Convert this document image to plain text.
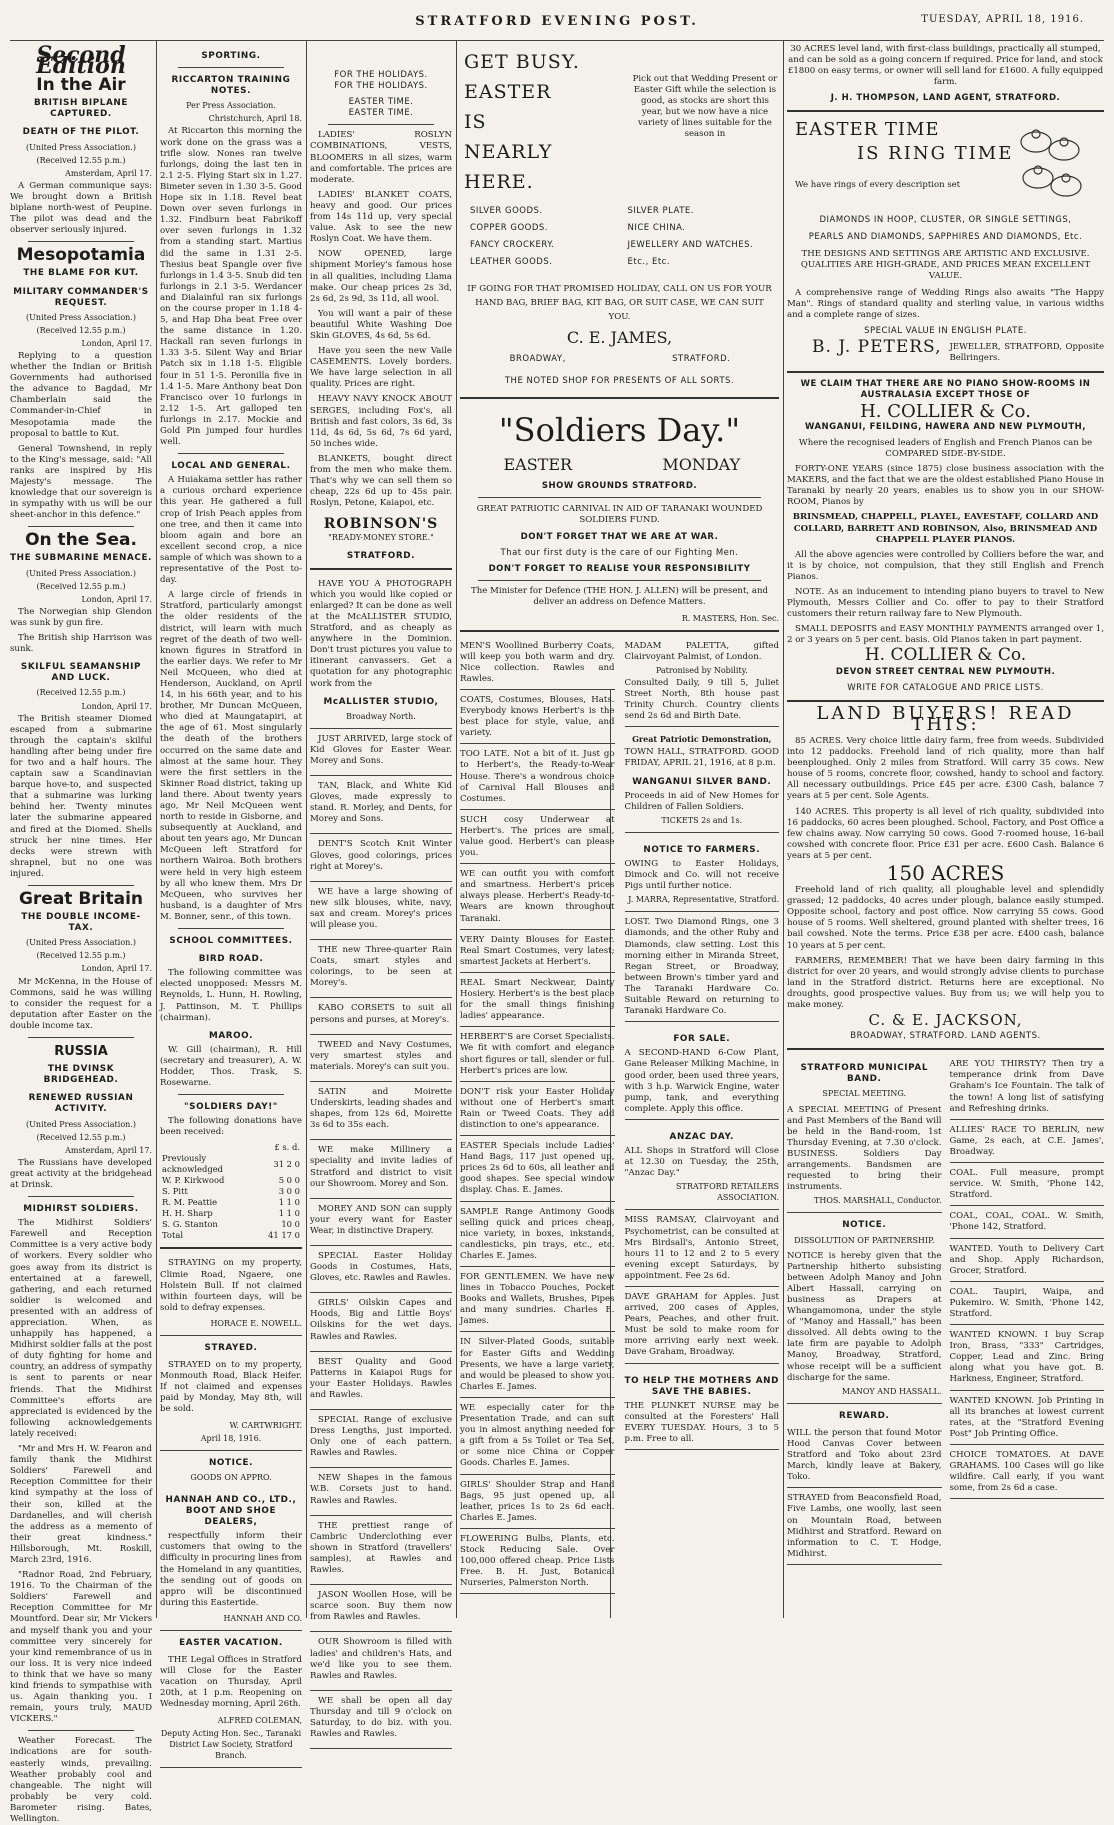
STRATFORD EVENING POST.	TUESDAY, APRIL 18, 1916.
Second Edition
In the Air
BRITISH BIPLANE CAPTURED.
DEATH OF THE PILOT.
(United Press Association.)
(Received 12.55 p.m.)
Amsterdam, April 17.

A German communique says: We brought down a British biplane north-west of Peupine. The pilot was dead and the observer seriously injured.

Mesopotamia
THE BLAME FOR KUT.
MILITARY COMMANDER'S REQUEST.
(United Press Association.)
(Received 12.55 p.m.)
London, April 17.

Replying to a question whether the Indian or British Governments had authorised the advance to Bagdad, Mr Chamberlain said the Commander-in-Chief in Mesopotamia made the proposal to battle to Kut.

General Townshend, in reply to the King's message, said: "All ranks are inspired by His Majesty's message. The knowledge that our sovereign is in sympathy with us will be our sheet-anchor in this defence."

On the Sea.
THE SUBMARINE MENACE.
(United Press Association.)
(Received 12.55 p.m.)
London, April 17.

The Norwegian ship Glendon was sunk by gun fire.

The British ship Harrison was sunk.

SKILFUL SEAMANSHIP AND LUCK.
(Received 12.55 p.m.)
London, April 17.

The British steamer Diomed escaped from a submarine through the captain's skilful handling after being under fire for two and a half hours. The captain saw a Scandinavian barque hove-to, and suspected that a submarine was lurking behind her. Twenty minutes later the submarine appeared and fired at the Diomed. Shells struck her nine times. Her decks were strewn with shrapnel, but no one was injured.

Great Britain
THE DOUBLE INCOME-TAX.
(United Press Association.)
(Received 12.55 p.m.)
London, April 17.

Mr McKenna, in the House of Commons, said he was willing to consider the request for a deputation after Easter on the double income tax.

RUSSIA
THE DVINSK BRIDGEHEAD.
RENEWED RUSSIAN ACTIVITY.
(United Press Association.)
(Received 12.55 p.m.)
Amsterdam, April 17.

The Russians have developed great activity at the bridgehead at Drinsk.

MIDHIRST SOLDIERS.

The Midhirst Soldiers' Farewell and Reception Committee is a very active body of workers. Every soldier who goes away from its district is entertained at a farewell, gathering, and each returned soldier is welcomed and presented with an address of appreciation. When, as unhappily has happened, a Midhirst soldier falls at the post of duty fighting for home and country, an address of sympathy is sent to parents or near friends. That the Midhirst Committee's efforts are appreciated is evidenced by the following acknowledgements lately received:

"Mr and Mrs H. W. Fearon and family thank the Midhirst Soldiers' Farewell and Reception Committee for their kind sympathy at the loss of their son, killed at the Dardanelles, and will cherish the address as a memento of their great kindness." Hillsborough, Mt. Roskill, March 23rd, 1916.

"Radnor Road, 2nd February, 1916. To the Chairman of the Soldiers' Farewell and Reception Committee for Mr Mountford. Dear sir, Mr Vickers and myself thank you and your committee very sincerely for your kind remembrance of us in our loss. It is very nice indeed to think that we have so many kind friends to sympathise with us. Again thanking you. I remain, yours truly, MAUD VICKERS."

Weather Forecast. The indications are for south-easterly winds, prevailing. Weather probably cool and changeable. The night will probably be very cold. Barometer rising. Bates, Wellington.

SPORTING.
RICCARTON TRAINING NOTES.
Per Press Association.
Christchurch, April 18.

At Riccarton this morning the work done on the grass was a trifle slow. Nones ran twelve furlongs, doing the last ten in 2.1 2-5. Flying Start six in 1.27. Bimeter seven in 1.30 3-5. Good Hope six in 1.18. Revel beat Down over seven furlongs in 1.32. Findburn beat Fabrikoff over seven furlongs in 1.32 from a standing start. Martius did the same in 1.31 2-5. Thesius beat Spangle over five furlongs in 1.4 3-5. Snub did ten furlongs in 2.1 3-5. Werdancer and Dialainful ran six furlongs on the course proper in 1.18 4-5, and Hap Dha beat Free over the same distance in 1.20. Hackall ran seven furlongs in 1.33 3-5. Silent Way and Briar Patch six in 1.18 1-5. Eligible four in 51 1-5. Peronilla five in 1.4 1-5. Mare Anthony beat Don Francisco over 10 furlongs in 2.12 1-5. Art galloped ten furlongs in 2.17. Mockie and Gold Pin jumped four hurdles well.

LOCAL AND GENERAL.

A Huiakama settler has rather a curious orchard experience this year. He gathered a full crop of Irish Peach apples from one tree, and then it came into bloom again and bore an excellent second crop, a nice sample of which was shown to a representative of the Post to-day.

A large circle of friends in Stratford, particularly amongst the older residents of the district, will learn with much regret of the death of two well-known figures in Stratford in the earlier days. We refer to Mr Neil McQueen, who died at Henderson, Auckland, on April 14, in his 66th year, and to his brother, Mr Duncan McQueen, who died at Maungatapiri, at the age of 61. Most singularly the death of the brothers occurred on the same date and almost at the same hour. They were the first settlers in the Skinner Road district, taking up land there. About twenty years ago, Mr Neil McQueen went north to reside in Gisborne, and subsequently at Auckland, and about ten years ago, Mr Duncan McQueen left Stratford for northern Wairoa. Both brothers were held in very high esteem by all who knew them. Mrs Dr McQueen, who survives her husband, is a daughter of Mrs M. Bonner, senr., of this town.

SCHOOL COMMITTEES.
BIRD ROAD.

The following committee was elected unopposed: Messrs M. Reynolds, L. Hunn, H. Rowling, J. Pattinson, M. T. Phillips (chairman).

MAROO.

W. Gill (chairman), R. Hill (secretary and treasurer), A. W. Hodder, Thos. Trask, S. Rosewarne.

"SOLDIERS DAY!"

The following donations have been received:

	£ s. d.
Previously acknowledged	31 2 0
W. P. Kirkwood	5 0 0
S. Pitt	3 0 0
R. M. Peattie	1 1 0
H. H. Sharp	1 1 0
S. G. Stanton	10 0
Total	41 17 0

STRAYING on my property, Climie Road, Ngaere, one Holstein Bull. If not claimed within fourteen days, will be sold to defray expenses.

HORACE E. NOWELL.
STRAYED.

STRAYED on to my property, Monmouth Road, Black Heifer. If not claimed and expenses paid by Monday, May 8th, will be sold.

W. CARTWRIGHT.
April 18, 1916.
NOTICE.
GOODS ON APPRO.
HANNAH AND CO., LTD., BOOT AND SHOE DEALERS,

respectfully inform their customers that owing to the difficulty in procuring lines from the Homeland in any quantities, the sending out of goods on appro will be discontinued during this Eastertide.

HANNAH AND CO.
EASTER VACATION.

THE Legal Offices in Stratford will Close for the Easter vacation on Thursday, April 20th, at 1 p.m. Reopening on Wednesday morning, April 26th.

ALFRED COLEMAN,
Deputy Acting Hon. Sec., Taranaki District Law Society, Stratford Branch.
FOR THE HOLIDAYS.
FOR THE HOLIDAYS.
EASTER TIME.
EASTER TIME.

LADIES' ROSLYN COMBINATIONS, VESTS, BLOOMERS in all sizes, warm and comfortable. The prices are moderate.

LADIES' BLANKET COATS, heavy and good. Our prices from 14s 11d up, very special value. Ask to see the new Roslyn Coat. We have them.

NOW OPENED, large shipment Morley's famous hose in all qualities, including Llama make. Our cheap prices 2s 3d, 2s 6d, 2s 9d, 3s 11d, all wool.

You will want a pair of these beautiful White Washing Doe Skin GLOVES, 4s 6d, 5s 6d.

Have you seen the new Vaile CASEMENTS. Lovely borders. We have large selection in all quality. Prices are right.

HEAVY NAVY KNOCK ABOUT SERGES, including Fox's, all British and fast colors, 3s 6d, 3s 11d, 4s 6d, 5s 6d, 7s 6d yard, 50 inches wide.

BLANKETS, bought direct from the men who make them. That's why we can sell them so cheap, 22s 6d up to 45s pair. Roslyn, Petone, Kaiapoi, etc.

ROBINSON'S
"READY-MONEY STORE."
STRATFORD.

HAVE YOU A PHOTOGRAPH which you would like copied or enlarged? It can be done as well at the McALLISTER STUDIO, Stratford, and as cheaply as anywhere in the Dominion. Don't trust pictures you value to itinerant canvassers. Get a quotation for any photographic work from the

McALLISTER STUDIO,
Broadway North.

JUST ARRIVED, large stock of Kid Gloves for Easter Wear. Morey and Sons.

TAN, Black, and White Kid Gloves, made expressly to stand. R. Morley, and Dents, for Morey and Sons.

DENT'S Scotch Knit Winter Gloves, good colorings, prices right at Morey's.

WE have a large showing of new silk blouses, white, navy, sax and cream. Morey's prices will please you.

THE new Three-quarter Rain Coats, smart styles and colorings, to be seen at Morey's.

KABO CORSETS to suit all persons and purses, at Morey's.

TWEED and Navy Costumes, very smartest styles and materials. Morey's can suit you.

SATIN and Moirette Underskirts, leading shades and shapes, from 12s 6d, Moirette 3s 6d to 35s each.

WE make Millinery a speciality and invite ladies of Stratford and district to visit our Showroom. Morey and Son.

MOREY AND SON can supply your every want for Easter Wear, in distinctive Drapery.

SPECIAL Easter Holiday Goods in Costumes, Hats, Gloves, etc. Rawles and Rawles.

GIRLS' Oilskin Capes and Hoods, Big and Little Boys' Oilskins for the wet days. Rawles and Rawles.

BEST Quality and Good Patterns in Kaiapoi Rugs for your Easter Holidays. Rawles and Rawles.

SPECIAL Range of exclusive Dress Lengths, just imported. Only one of each pattern. Rawles and Rawles.

NEW Shapes in the famous W.B. Corsets just to hand. Rawles and Rawles.

THE prettiest range of Cambric Underclothing ever shown in Stratford (travellers' samples), at Rawles and Rawles.

JASON Woollen Hose, will be scarce soon. Buy them now from Rawles and Rawles.

OUR Showroom is filled with ladies' and children's Hats, and we'd like you to see them. Rawles and Rawles.

WE shall be open all day Thursday and till 9 o'clock on Saturday, to do biz. with you. Rawles and Rawles.

GET BUSY.
EASTER
IS
NEARLY
HERE.

Pick out that Wedding Present or Easter Gift while the selection is good, as stocks are short this year, but we now have a nice variety of lines suitable for the season in

SILVER GOODS.
COPPER GOODS.
FANCY CROCKERY.
LEATHER GOODS.
SILVER PLATE.
NICE CHINA.
JEWELLERY AND WATCHES.
Etc., Etc.

IF GOING FOR THAT PROMISED HOLIDAY, CALL ON US FOR YOUR HAND BAG, BRIEF BAG, KIT BAG, OR SUIT CASE, WE CAN SUIT YOU.

C. E. JAMES,
BROADWAY,	STRATFORD.
THE NOTED SHOP FOR PRESENTS OF ALL SORTS.
"Soldiers Day."
EASTER	MONDAY
SHOW GROUNDS STRATFORD.

GREAT PATRIOTIC CARNIVAL IN AID OF TARANAKI WOUNDED SOLDIERS FUND.

DON'T FORGET THAT WE ARE AT WAR.
That our first duty is the care of our Fighting Men.
DON'T FORGET TO REALISE YOUR RESPONSIBILITY

The Minister for Defence (THE HON. J. ALLEN) will be present, and deliver an address on Defence Matters.

R. MASTERS, Hon. Sec.
MEN'S Woollined Burberry Coats, will keep you both warm and dry. Nice collection. Rawles and Rawles.
COATS, Costumes, Blouses, Hats. Everybody knows Herbert's is the best place for style, value, and variety.
TOO LATE. Not a bit of it. Just go to Herbert's, the Ready-to-Wear House. There's a wondrous choice of Carnival Hall Blouses and Costumes.
SUCH cosy Underwear at Herbert's. The prices are small, value good. Herbert's can please you.
WE can outfit you with comfort and smartness. Herbert's prices always please. Herbert's Ready-to-Wears are known throughout Taranaki.
VERY Dainty Blouses for Easter. Real Smart Costumes, very latest; smartest Jackets at Herbert's.
REAL Smart Neckwear, Dainty Hosiery. Herbert's is the best place for the small things finishing ladies' appearance.
HERBERT'S are Corset Specialists. We fit with comfort and elegance short figures or tall, slender or full. Herbert's prices are low.
DON'T risk your Easter Holiday without one of Herbert's smart Rain or Tweed Coats. They add distinction to one's appearance.
EASTER Specials include Ladies' Hand Bags, 117 just opened up, prices 2s 6d to 60s, all leather and good shapes. See special window display. Chas. E. James.
SAMPLE Range Antimony Goods selling quick and prices cheap, nice variety, in boxes, inkstands, candlesticks, pin trays, etc., etc. Charles E. James.
FOR GENTLEMEN. We have new lines in Tobacco Pouches, Pocket Books and Wallets, Brushes, Pipes and many sundries. Charles E. James.
IN Silver-Plated Goods, suitable for Easter Gifts and Wedding Presents, we have a large variety, and would be pleased to show you. Charles E. James.
WE especially cater for the Presentation Trade, and can suit you in almost anything needed for a gift from a 5s Toilet or Tea Set, or some nice China or Copper Goods. Charles E. James.
GIRLS' Shoulder Strap and Hand Bags, 95 just opened up, all leather, prices 1s to 2s 6d each. Charles E. James.
FLOWERING Bulbs, Plants, etc. Stock Reducing Sale. Over 100,000 offered cheap. Price Lists Free. B. H. Just, Botanical Nurseries, Palmerston North.
MADAM PALETTA, gifted Clairvoyant Palmist, of London.
Patronised by Nobility.
Consulted Daily, 9 till 5, Juliet Street North, 8th house past Trinity Church. Country clients send 2s 6d and Birth Date.
Great Patriotic Demonstration,
TOWN HALL, STRATFORD. GOOD FRIDAY, APRIL 21, 1916, at 8 p.m.
WANGANUI SILVER BAND.
Proceeds in aid of New Homes for Children of Fallen Soldiers.
TICKETS 2s and 1s.
NOTICE TO FARMERS.
OWING to Easter Holidays, Dimock and Co. will not receive Pigs until further notice.
J. MARRA, Representative, Stratford.
LOST. Two Diamond Rings, one 3 diamonds, and the other Ruby and Diamonds, claw setting. Lost this morning either in Miranda Street, Regan Street, or Broadway, between Brown's timber yard and The Taranaki Hardware Co. Suitable Reward on returning to Taranaki Hardware Co.
FOR SALE.
A SECOND-HAND 6-Cow Plant, Gane Releaser Milking Machine, in good order, been used three years, with 3 h.p. Warwick Engine, water pump, tank, and everything complete. Apply this office.
ANZAC DAY.
ALL Shops in Stratford will Close at 12.30 on Tuesday, the 25th, "Anzac Day."
STRATFORD RETAILERS ASSOCIATION.
MISS RAMSAY, Clairvoyant and Psychometrist, can be consulted at Mrs Birdsall's, Antonio Street, hours 11 to 12 and 2 to 5 every evening except Saturdays, by appointment. Fee 2s 6d.
DAVE GRAHAM for Apples. Just arrived, 200 cases of Apples, Pears, Peaches, and other fruit. Must be sold to make room for more arriving early next week. Dave Graham, Broadway.
TO HELP THE MOTHERS AND SAVE THE BABIES.
THE PLUNKET NURSE may be consulted at the Foresters' Hall EVERY TUESDAY. Hours, 3 to 5 p.m. Free to all.

30 ACRES level land, with first-class buildings, practically all stumped, and can be sold as a going concern if required. Price for land, and stock £1800 on easy terms, or owner will sell land for £1600. A fully equipped farm.

J. H. THOMPSON, LAND AGENT, STRATFORD.
EASTER TIME
IS RING TIME
We have rings of every description set
DIAMONDS IN HOOP, CLUSTER, OR SINGLE SETTINGS,
PEARLS AND DIAMONDS, SAPPHIRES AND DIAMONDS, Etc.

THE DESIGNS AND SETTINGS ARE ARTISTIC AND EXCLUSIVE. QUALITIES ARE HIGH-GRADE, AND PRICES MEAN EXCELLENT VALUE.

A comprehensive range of Wedding Rings also awaits "The Happy Man". Rings of standard quality and sterling value, in various widths and a complete range of sizes.

SPECIAL VALUE IN ENGLISH PLATE.
B. J. PETERS, JEWELLER, STRATFORD, Opposite Bellringers.
WE CLAIM THAT THERE ARE NO PIANO SHOW-ROOMS IN AUSTRALASIA EXCEPT THOSE OF
H. COLLIER & Co.
WANGANUI, FEILDING, HAWERA AND NEW PLYMOUTH,

Where the recognised leaders of English and French Pianos can be COMPARED SIDE-BY-SIDE.

FORTY-ONE YEARS (since 1875) close business association with the MAKERS, and the fact that we are the oldest established Piano House in Taranaki by nearly 20 years, enables us to show you in our SHOW-ROOM, Pianos by

BRINSMEAD, CHAPPELL, PLAYEL, EAVESTAFF, COLLARD AND COLLARD, BARRETT AND ROBINSON, Also, BRINSMEAD AND CHAPPELL PLAYER PIANOS.

All the above agencies were controlled by Colliers before the war, and it is by choice, not compulsion, that they still English and French Pianos.

NOTE. As an inducement to intending piano buyers to travel to New Plymouth, Messrs Collier and Co. offer to pay to their Stratford customers their return railway fare to New Plymouth.

SMALL DEPOSITS and EASY MONTHLY PAYMENTS arranged over 1, 2 or 3 years on 5 per cent. basis. Old Pianos taken in part payment.

H. COLLIER & Co.
DEVON STREET CENTRAL NEW PLYMOUTH.
WRITE FOR CATALOGUE AND PRICE LISTS.
LAND BUYERS! READ THIS:

85 ACRES. Very choice little dairy farm, free from weeds. Subdivided into 12 paddocks. Freehold land of rich quality, more than half beenploughed. Only 2 miles from Stratford. Will carry 35 cows. New house of 5 rooms, concrete floor, cowshed, handy to school and factory. All necessary outbuildings. Price £45 per acre. £300 Cash, balance 7 years at 5 per cent. Sole Agents.

140 ACRES. This property is all level of rich quality, subdivided into 16 paddocks, 60 acres been ploughed. School, Factory, and Post Office a few chains away. Now carrying 50 cows. Good 7-roomed house, 16-bail cowshed with concrete floor. Price £31 per acre. £600 Cash. Balance 6 years at 5 per cent.

150 ACRES

Freehold land of rich quality, all ploughable level and splendidly grassed; 12 paddocks, 40 acres under plough, balance easily stumped. Opposite school, factory and post office. Now carrying 55 cows. Good house of 5 rooms. Well sheltered, ground planted with shelter trees, 16 bail cowshed. Note the terms. Price £38 per acre. £400 cash, balance 10 years at 5 per cent.

FARMERS, REMEMBER! That we have been dairy farming in this district for over 20 years, and would strongly advise clients to purchase land in the Stratford district. Returns here are exceptional. No droughts, good prospective values. Buy from us; we will help you to make money.

C. & E. JACKSON,
BROADWAY, STRATFORD. LAND AGENTS.
STRATFORD MUNICIPAL BAND.
SPECIAL MEETING.
A SPECIAL MEETING of Present and Past Members of the Band will be held in the Band-room, 1st Thursday Evening, at 7.30 o'clock. BUSINESS. Soldiers Day arrangements. Bandsmen are requested to bring their instruments.
THOS. MARSHALL, Conductor.
NOTICE.
DISSOLUTION OF PARTNERSHIP.
NOTICE is hereby given that the Partnership hitherto subsisting between Adolph Manoy and John Albert Hassall, carrying on business as Drapers at Whangamomona, under the style of "Manoy and Hassall," has been dissolved. All debts owing to the late firm are payable to Adolph Manoy, Broadway, Stratford, whose receipt will be a sufficient discharge for the same.
MANOY AND HASSALL.
REWARD.
WILL the person that found Motor Hood Canvas Cover between Stratford and Toko about 23rd March, kindly leave at Bakery, Toko.
STRAYED from Beaconsfield Road, Five Lambs, one woolly, last seen on Mountain Road, between Midhirst and Stratford. Reward on information to C. T. Hodge, Midhirst.
ARE YOU THIRSTY? Then try a temperance drink from Dave Graham's Ice Fountain. The talk of the town! A long list of satisfying and Refreshing drinks.
ALLIES' RACE TO BERLIN, new Game, 2s each, at C.E. James', Broadway.
COAL. Full measure, prompt service. W. Smith, 'Phone 142, Stratford.
COAL, COAL, COAL. W. Smith, 'Phone 142, Stratford.
WANTED. Youth to Delivery Cart and Shop. Apply Richardson, Grocer, Stratford.
COAL. Taupiri, Waipa, and Pukemiro. W. Smith, 'Phone 142, Stratford.
WANTED KNOWN. I buy Scrap Iron, Brass, "333" Cartridges, Copper, Lead and Zinc. Bring along what you have got. B. Harkness, Engineer, Stratford.
WANTED KNOWN. Job Printing in all its branches at lowest current rates, at the "Stratford Evening Post" Job Printing Office.
CHOICE TOMATOES. At DAVE GRAHAMS. 100 Cases will go like wildfire. Call early, if you want some, from 2s 6d a case.
